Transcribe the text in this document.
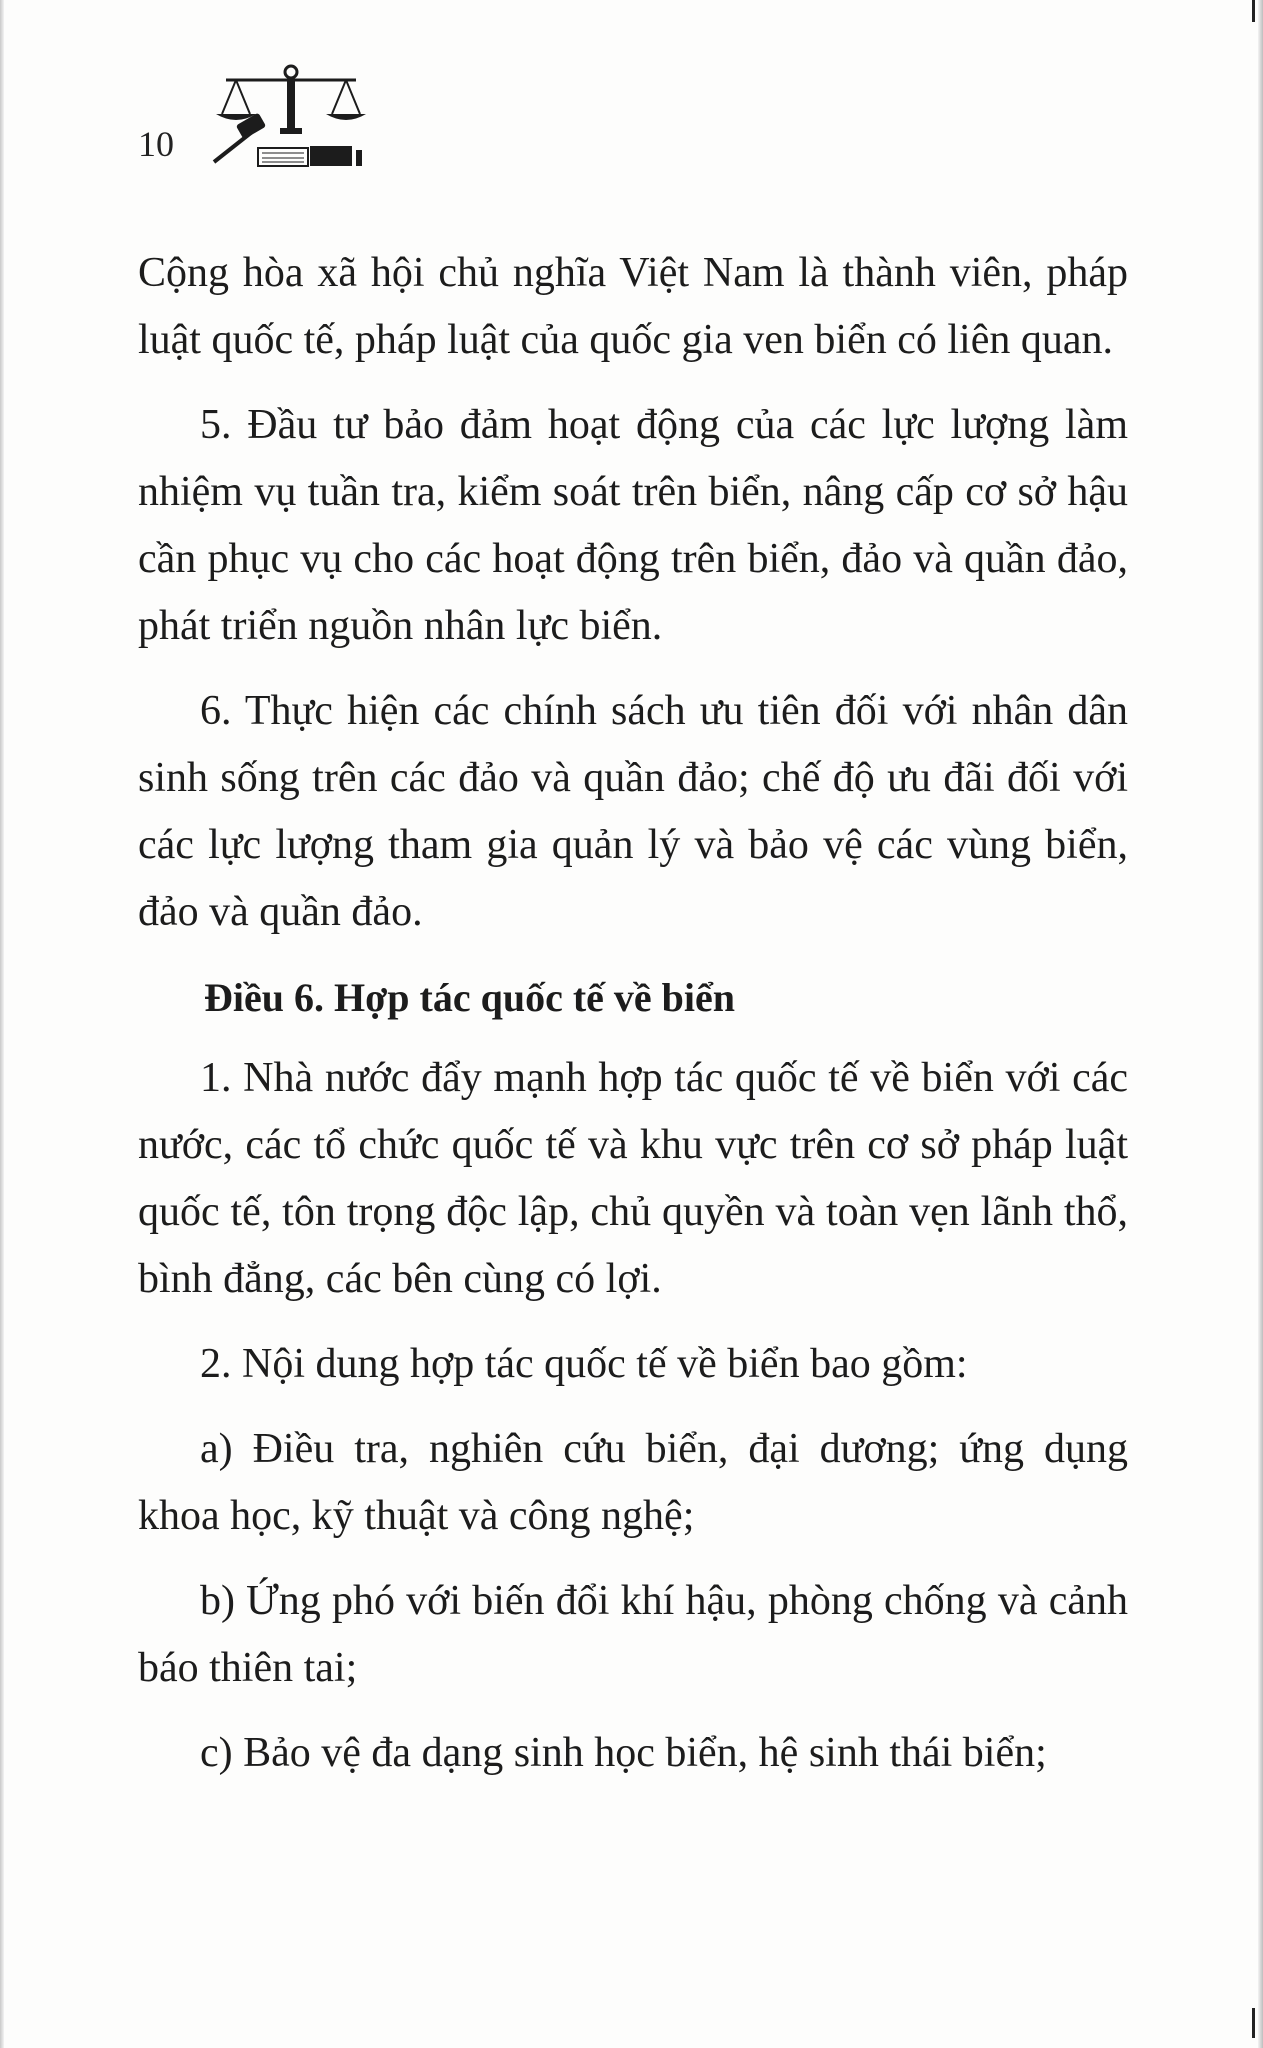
10

Cộng hòa xã hội chủ nghĩa Việt Nam là thành viên, pháp luật quốc tế, pháp luật của quốc gia ven biển có liên quan.

5. Đầu tư bảo đảm hoạt động của các lực lượng làm nhiệm vụ tuần tra, kiểm soát trên biển, nâng cấp cơ sở hậu cần phục vụ cho các hoạt động trên biển, đảo và quần đảo, phát triển nguồn nhân lực biển.

6. Thực hiện các chính sách ưu tiên đối với nhân dân sinh sống trên các đảo và quần đảo; chế độ ưu đãi đối với các lực lượng tham gia quản lý và bảo vệ các vùng biển, đảo và quần đảo.

Điều 6. Hợp tác quốc tế về biển

1. Nhà nước đẩy mạnh hợp tác quốc tế về biển với các nước, các tổ chức quốc tế và khu vực trên cơ sở pháp luật quốc tế, tôn trọng độc lập, chủ quyền và toàn vẹn lãnh thổ, bình đẳng, các bên cùng có lợi.

2. Nội dung hợp tác quốc tế về biển bao gồm:

a) Điều tra, nghiên cứu biển, đại dương; ứng dụng khoa học, kỹ thuật và công nghệ;

b) Ứng phó với biến đổi khí hậu, phòng chống và cảnh báo thiên tai;

c) Bảo vệ đa dạng sinh học biển, hệ sinh thái biển;
